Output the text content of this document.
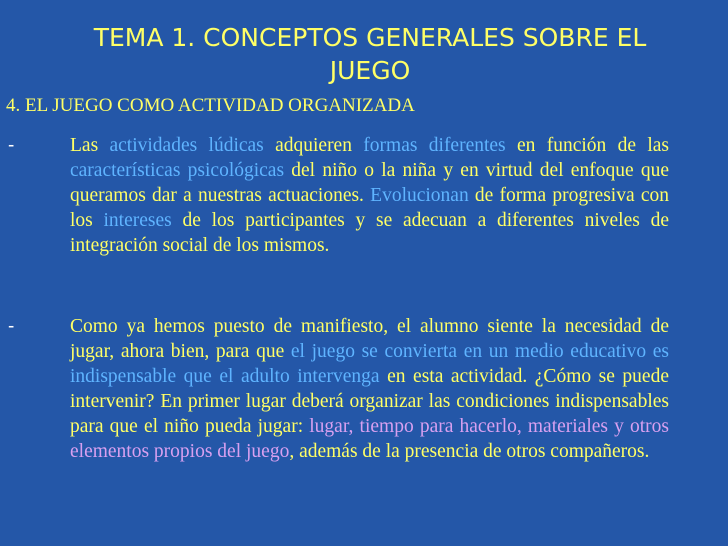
TEMA 1. CONCEPTOS GENERALES SOBRE EL JUEGO
4. EL JUEGO COMO ACTIVIDAD ORGANIZADA
-	Las actividades lúdicas adquieren formas diferentes en función de las características psicológicas del niño o la niña y en virtud del enfoque que queramos dar a nuestras actuaciones. Evolucionan de forma progresiva con los intereses de los participantes y se adecuan a diferentes niveles de integración social de los mismos.
-	Como ya hemos puesto de manifiesto, el alumno siente la necesidad de jugar, ahora bien, para que el juego se convierta en un medio educativo es indispensable que el adulto intervenga en esta actividad. ¿Cómo se puede intervenir? En primer lugar deberá organizar las condiciones indispensables para que el niño pueda jugar: lugar, tiempo para hacerlo, materiales y otros elementos propios del juego, además de la presencia de otros compañeros.
